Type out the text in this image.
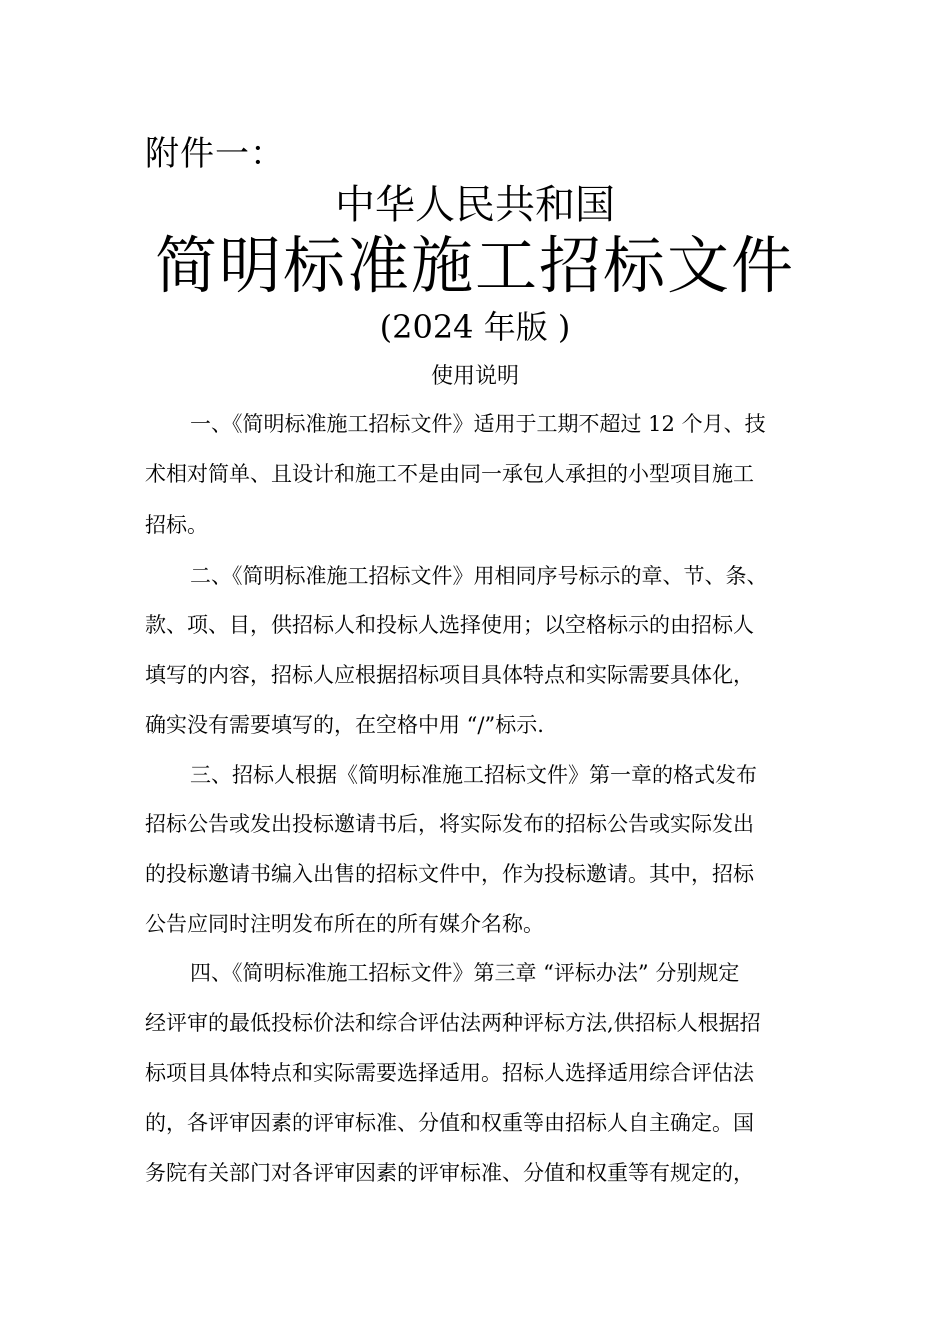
附件一：
中华人民共和国
简明标准施工招标文件
(2024 年版 )
使用说明
一、《简明标准施工招标文件》适用于工期不超过 12 个月、技
术相对简单、且设计和施工不是由同一承包人承担的小型项目施工
招标。
二、《简明标准施工招标文件》用相同序号标示的章、节、条、
款、项、目，供招标人和投标人选择使用；以空格标示的由招标人
填写的内容，招标人应根据招标项目具体特点和实际需要具体化，
确实没有需要填写的，在空格中用 “/”标示.
三、招标人根据《简明标准施工招标文件》第一章的格式发布
招标公告或发出投标邀请书后，将实际发布的招标公告或实际发出
的投标邀请书编入出售的招标文件中，作为投标邀请。其中，招标
公告应同时注明发布所在的所有媒介名称。
四、《简明标准施工招标文件》第三章 “评标办法” 分别规定
经评审的最低投标价法和综合评估法两种评标方法,供招标人根据招
标项目具体特点和实际需要选择适用。招标人选择适用综合评估法
的，各评审因素的评审标准、分值和权重等由招标人自主确定。国
务院有关部门对各评审因素的评审标准、分值和权重等有规定的，
